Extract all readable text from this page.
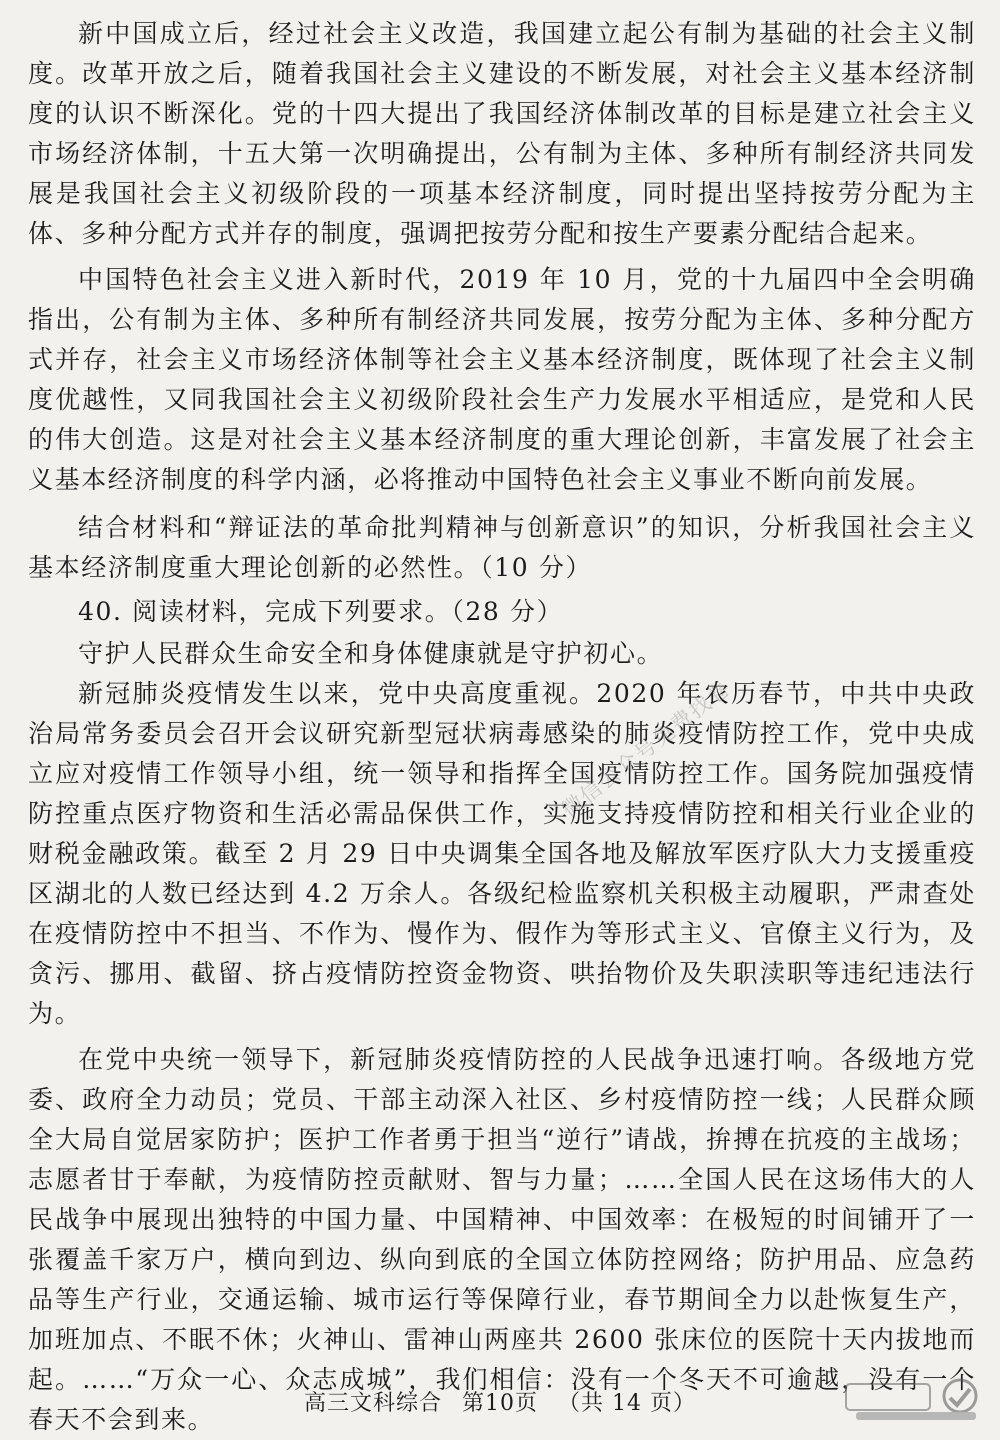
新中国成立后，经过社会主义改造，我国建立起公有制为基础的社会主义制度。改革开放之后，随着我国社会主义建设的不断发展，对社会主义基本经济制度的认识不断深化。党的十四大提出了我国经济体制改革的目标是建立社会主义市场经济体制，十五大第一次明确提出，公有制为主体、多种所有制经济共同发展是我国社会主义初级阶段的一项基本经济制度，同时提出坚持按劳分配为主体、多种分配方式并存的制度，强调把按劳分配和按生产要素分配结合起来。

中国特色社会主义进入新时代，2019 年 10 月，党的十九届四中全会明确指出，公有制为主体、多种所有制经济共同发展，按劳分配为主体、多种分配方式并存，社会主义市场经济体制等社会主义基本经济制度，既体现了社会主义制度优越性，又同我国社会主义初级阶段社会生产力发展水平相适应，是党和人民的伟大创造。这是对社会主义基本经济制度的重大理论创新，丰富发展了社会主义基本经济制度的科学内涵，必将推动中国特色社会主义事业不断向前发展。

结合材料和“辩证法的革命批判精神与创新意识”的知识，分析我国社会主义基本经济制度重大理论创新的必然性。（10 分）

40. 阅读材料，完成下列要求。（28 分）

守护人民群众生命安全和身体健康就是守护初心。

新冠肺炎疫情发生以来，党中央高度重视。2020 年农历春节，中共中央政治局常务委员会召开会议研究新型冠状病毒感染的肺炎疫情防控工作，党中央成立应对疫情工作领导小组，统一领导和指挥全国疫情防控工作。国务院加强疫情防控重点医疗物资和生活必需品保供工作，实施支持疫情防控和相关行业企业的财税金融政策。截至 2 月 29 日中央调集全国各地及解放军医疗队大力支援重疫区湖北的人数已经达到 4.2 万余人。各级纪检监察机关积极主动履职，严肃查处在疫情防控中不担当、不作为、慢作为、假作为等形式主义、官僚主义行为，及贪污、挪用、截留、挤占疫情防控资金物资、哄抬物价及失职渎职等违纪违法行为。

在党中央统一领导下，新冠肺炎疫情防控的人民战争迅速打响。各级地方党委、政府全力动员；党员、干部主动深入社区、乡村疫情防控一线；人民群众顾全大局自觉居家防护；医护工作者勇于担当“逆行”请战，拚搏在抗疫的主战场；志愿者甘于奉献，为疫情防控贡献财、智与力量；……全国人民在这场伟大的人民战争中展现出独特的中国力量、中国精神、中国效率：在极短的时间铺开了一张覆盖千家万户，横向到边、纵向到底的全国立体防控网络；防护用品、应急药品等生产行业，交通运输、城市运行等保障行业，春节期间全力以赴恢复生产，加班加点、不眠不休；火神山、雷神山两座共 2600 张床位的医院十天内拔地而起。……“万众一心、众志成城”，我们相信：没有一个冬天不可逾越，没有一个春天不会到来。

微信公众号免费找卷
高三文科综合 第10页 （共 14 页）
